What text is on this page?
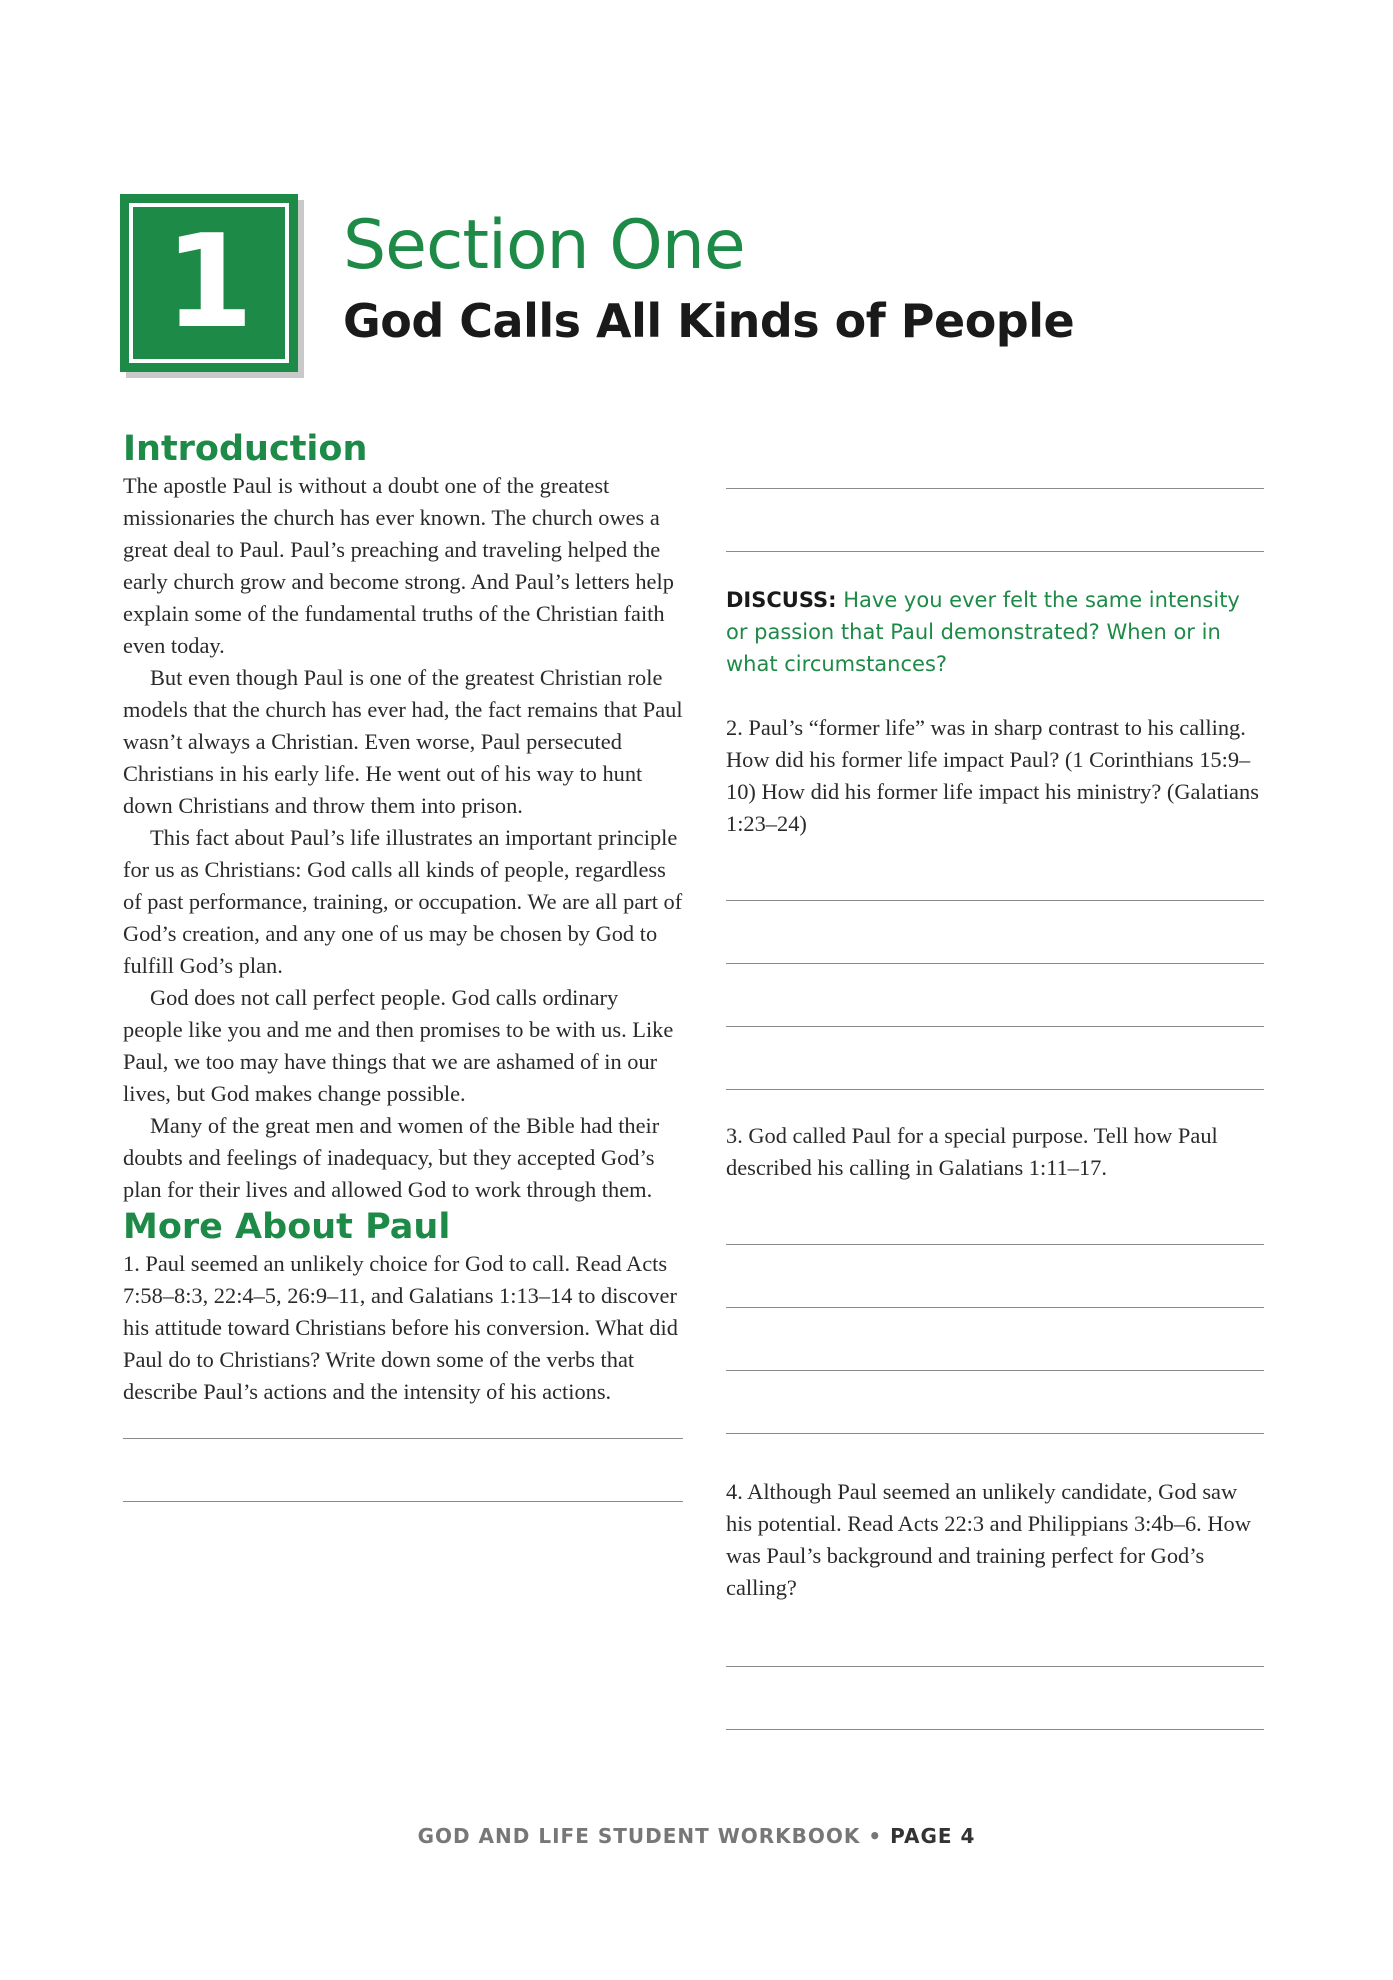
1 Section One
God Calls All Kinds of People
Introduction

The apostle Paul is without a doubt one of the greatest missionaries the church has ever known. The church owes a great deal to Paul. Paul’s preaching and traveling helped the early church grow and become strong. And Paul’s letters help explain some of the fundamental truths of the Christian faith even today.

But even though Paul is one of the greatest Christian role models that the church has ever had, the fact remains that Paul wasn’t always a Christian. Even worse, Paul persecuted Christians in his early life. He went out of his way to hunt down Christians and throw them into prison.

This fact about Paul’s life illustrates an important principle for us as Christians: God calls all kinds of people, regardless of past performance, training, or occupation. We are all part of God’s creation, and any one of us may be chosen by God to fulfill God’s plan.

God does not call perfect people. God calls ordinary people like you and me and then promises to be with us. Like Paul, we too may have things that we are ashamed of in our lives, but God makes change possible.

Many of the great men and women of the Bible had their doubts and feelings of inadequacy, but they accepted God’s plan for their lives and allowed God to work through them.

More About Paul

1. Paul seemed an unlikely choice for God to call. Read Acts 7:58–8:3, 22:4–5, 26:9–11, and Galatians 1:13–14 to discover his attitude toward Christians before his conversion. What did Paul do to Christians? Write down some of the verbs that describe Paul’s actions and the intensity of his actions.

DISCUSS: Have you ever felt the same intensity or passion that Paul demonstrated? When or in what circumstances?

2. Paul’s “former life” was in sharp contrast to his calling. How did his former life impact Paul? (1 Corinthians 15:9–10) How did his former life impact his ministry? (Galatians 1:23–24)

3. God called Paul for a special purpose. Tell how Paul described his calling in Galatians 1:11–17.

4. Although Paul seemed an unlikely candidate, God saw his potential. Read Acts 22:3 and Philippians 3:4b–6. How was Paul’s background and training perfect for God’s calling?

GOD AND LIFE STUDENT WORKBOOK • PAGE 4
